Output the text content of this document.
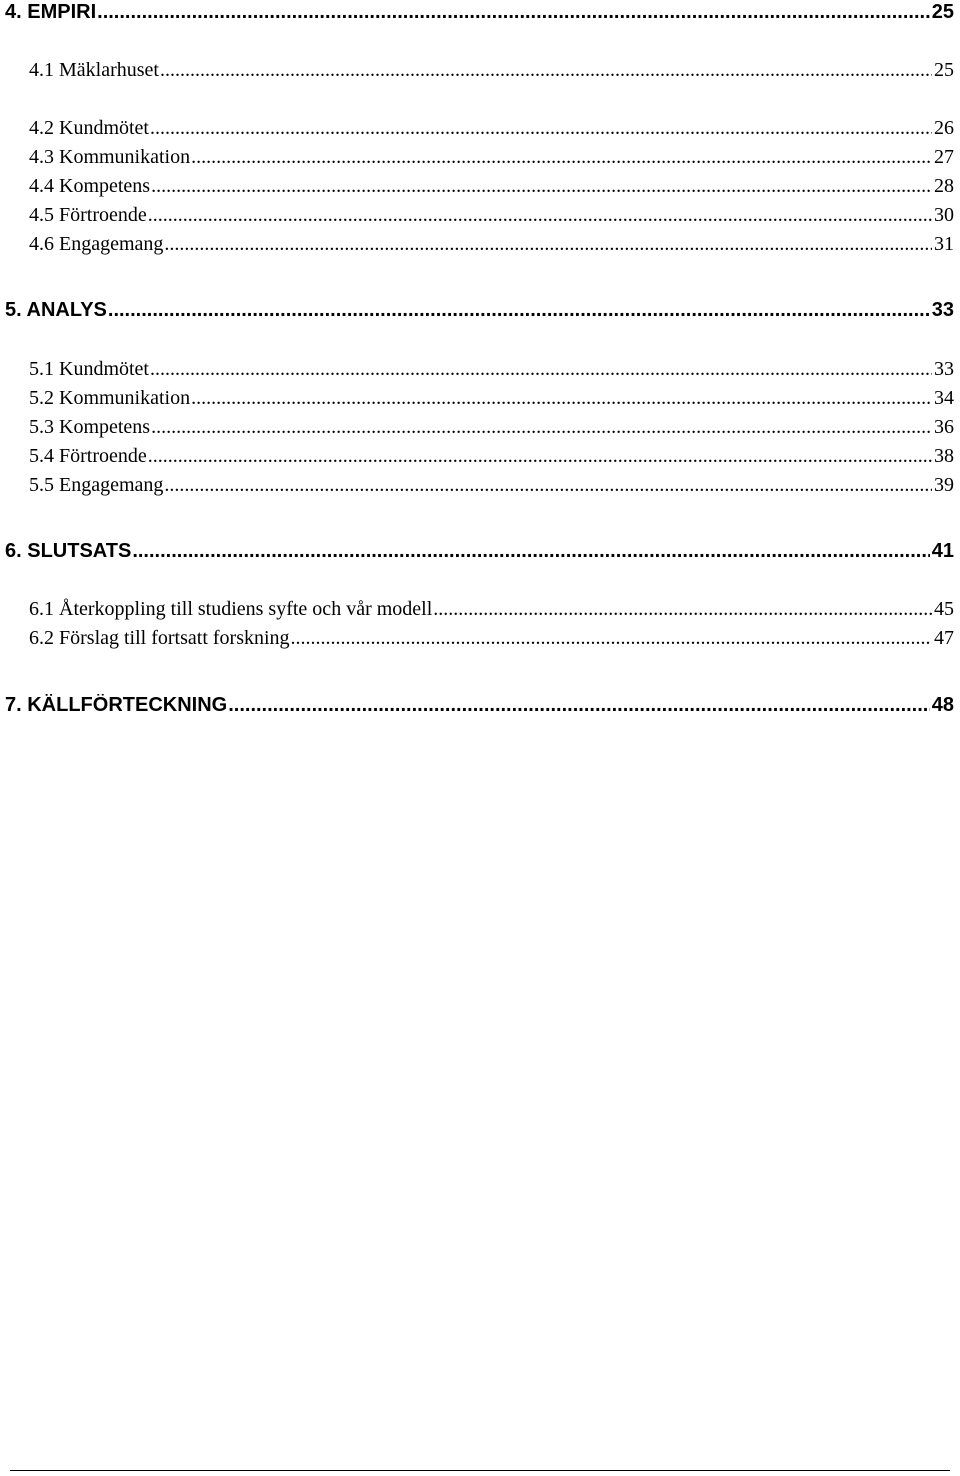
4. EMPIRI .....	25
4.1 Mäklarhuset .....	25
4.2 Kundmötet .....	26
4.3 Kommunikation .....	27
4.4 Kompetens .....	28
4.5 Förtroende .....	30
4.6 Engagemang .....	31
5. ANALYS .....	33
5.1 Kundmötet .....	33
5.2 Kommunikation .....	34
5.3 Kompetens .....	36
5.4 Förtroende .....	38
5.5 Engagemang .....	39
6. SLUTSATS .....	41
6.1 Återkoppling till studiens syfte och vår modell .....	45
6.2 Förslag till fortsatt forskning .....	47
7. KÄLLFÖRTECKNING .....	48
